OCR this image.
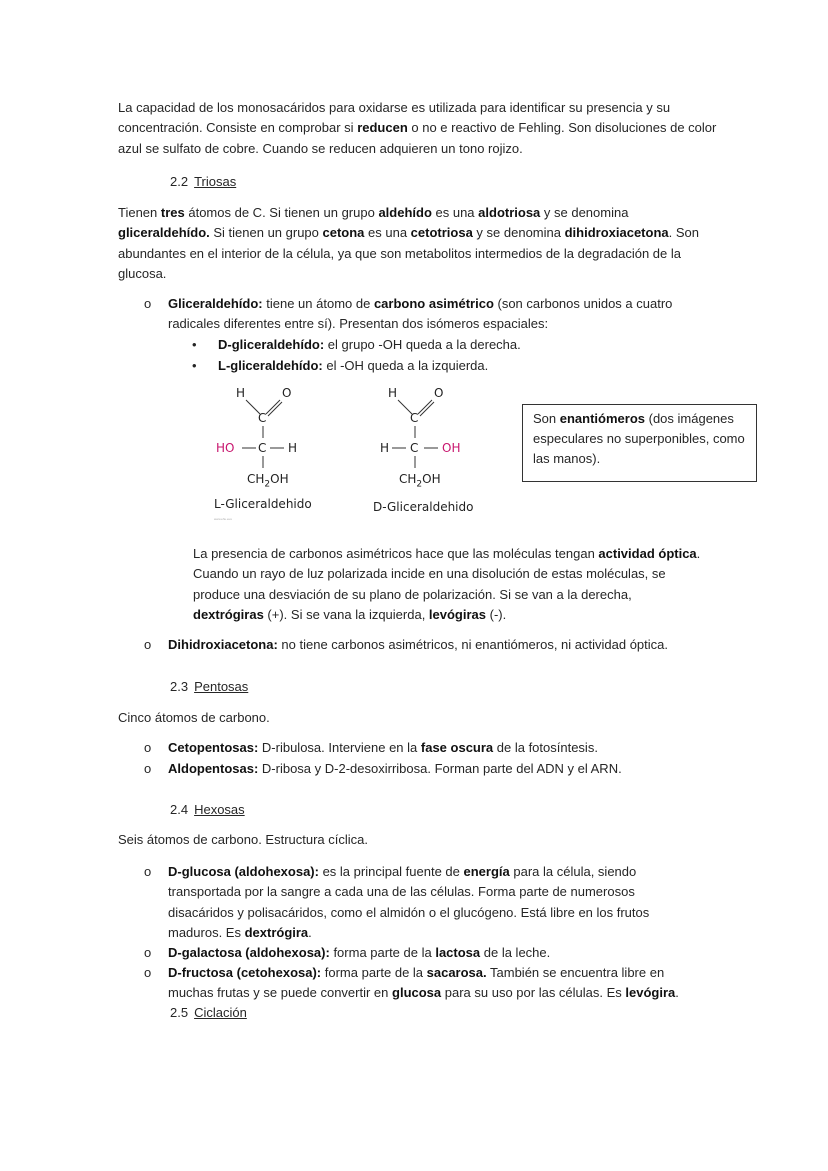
La capacidad de los monosacáridos para oxidarse es utilizada para identificar su presencia y su concentración. Consiste en comprobar si reducen o no e reactivo de Fehling. Son disoluciones de color azul se sulfato de cobre. Cuando se reducen adquieren un tono rojizo.

2.2 Triosas

Tienen tres átomos de C. Si tienen un grupo aldehído es una aldotriosa y se denomina gliceraldehído. Si tienen un grupo cetona es una cetotriosa y se denomina dihidroxiacetona. Son abundantes en el interior de la célula, ya que son metabolitos intermedios de la degradación de la glucosa.

o Gliceraldehído: tiene un átomo de carbono asimétrico (son carbonos unidos a cuatro radicales diferentes entre sí). Presentan dos isómeros espaciales:
• D-gliceraldehído: el grupo -OH queda a la derecha.
• L-gliceraldehído: el -OH queda a la izquierda.
H	O
C
HO C H
$CH_2OH$
L-Gliceraldehido
www.ehu.eus
H	O
C
H C OH
$CH_2OH$
D-Gliceraldehido
Son enantiómeros (dos imágenes especulares no superponibles, como las manos).

La presencia de carbonos asimétricos hace que las moléculas tengan actividad óptica. Cuando un rayo de luz polarizada incide en una disolución de estas moléculas, se produce una desviación de su plano de polarización. Si se van a la derecha, dextrógiras (+). Si se vana la izquierda, levógiras (-).

o Dihidroxiacetona: no tiene carbonos asimétricos, ni enantiómeros, ni actividad óptica.

2.3 Pentosas

Cinco átomos de carbono.

o Cetopentosas: D-ribulosa. Interviene en la fase oscura de la fotosíntesis.
o Aldopentosas: D-ribosa y D-2-desoxirribosa. Forman parte del ADN y el ARN.

2.4 Hexosas

Seis átomos de carbono. Estructura cíclica.

o D-glucosa (aldohexosa): es la principal fuente de energía para la célula, siendo transportada por la sangre a cada una de las células. Forma parte de numerosos disacáridos y polisacáridos, como el almidón o el glucógeno. Está libre en los frutos maduros. Es dextrógira.
o D-galactosa (aldohexosa): forma parte de la lactosa de la leche.
o D-fructosa (cetohexosa): forma parte de la sacarosa. También se encuentra libre en muchas frutas y se puede convertir en glucosa para su uso por las células. Es levógira.

2.5 Ciclación
